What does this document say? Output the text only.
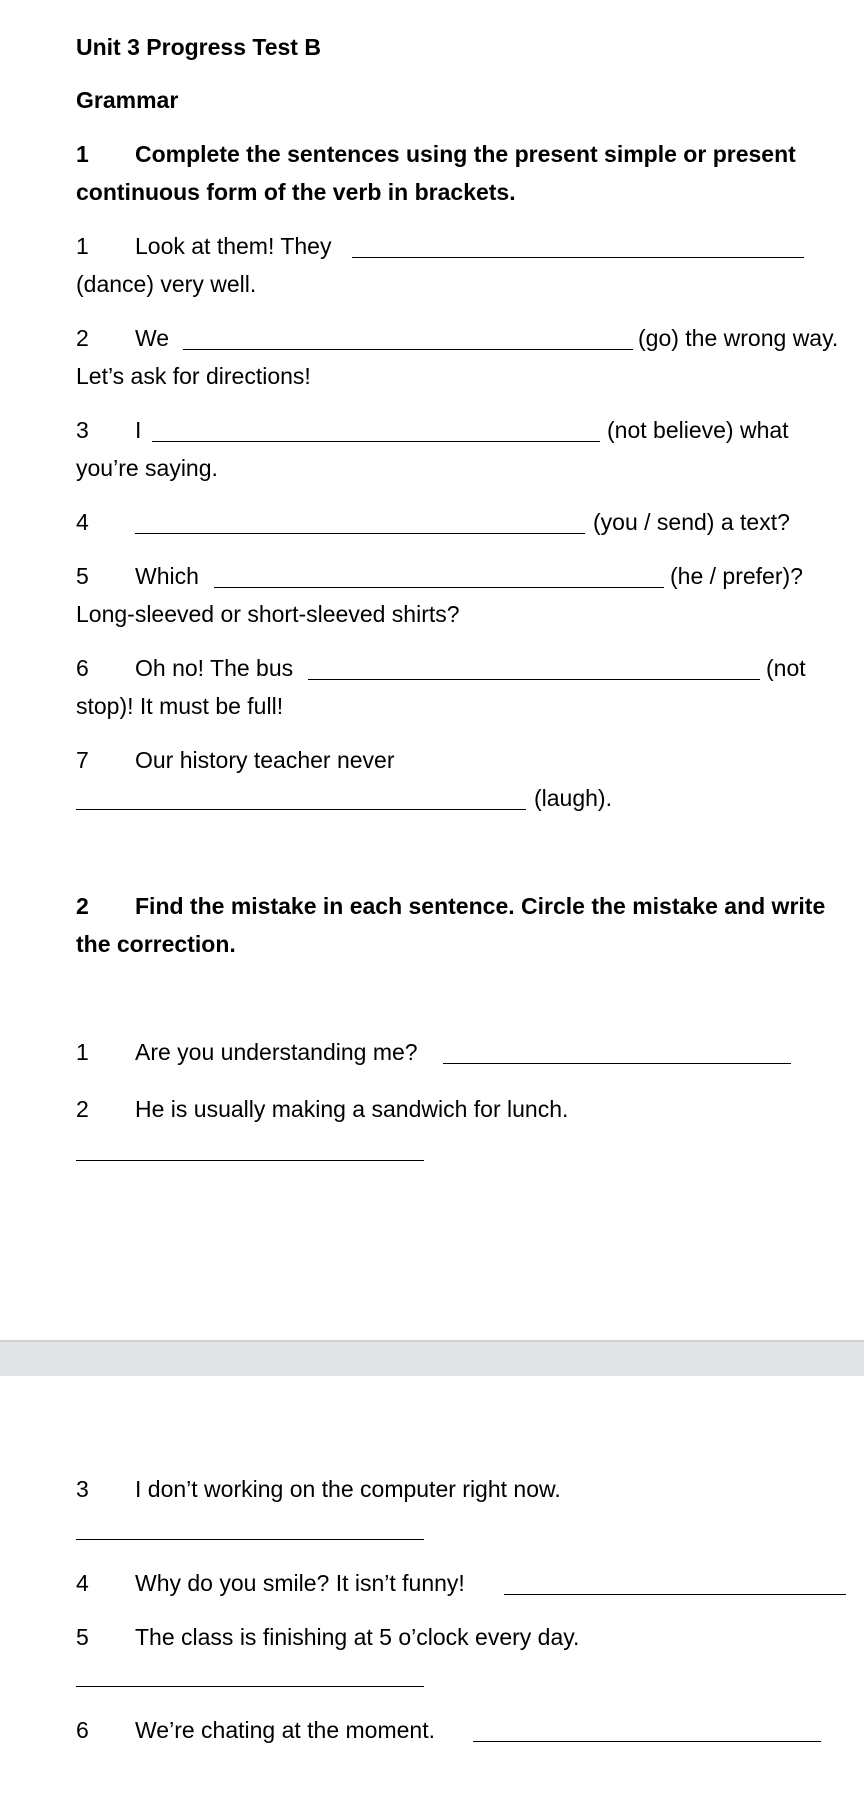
Unit 3 Progress Test B
Grammar
1 Complete the sentences using the present simple or present
continuous form of the verb in brackets.
1 Look at them! They
(dance) very well.
2 We	(go) the wrong way.
Let’s ask for directions!
3 I	(not believe) what
you’re saying.
4	(you / send) a text?
5 Which	(he / prefer)?
Long-sleeved or short-sleeved shirts?
6 Oh no! The bus	(not
stop)! It must be full!
7 Our history teacher never
(laugh).
2 Find the mistake in each sentence. Circle the mistake and write
the correction.
1 Are you understanding me?
2 He is usually making a sandwich for lunch.
3 I don’t working on the computer right now.
4 Why do you smile? It isn’t funny!
5 The class is finishing at 5 o’clock every day.
6 We’re chating at the moment.
